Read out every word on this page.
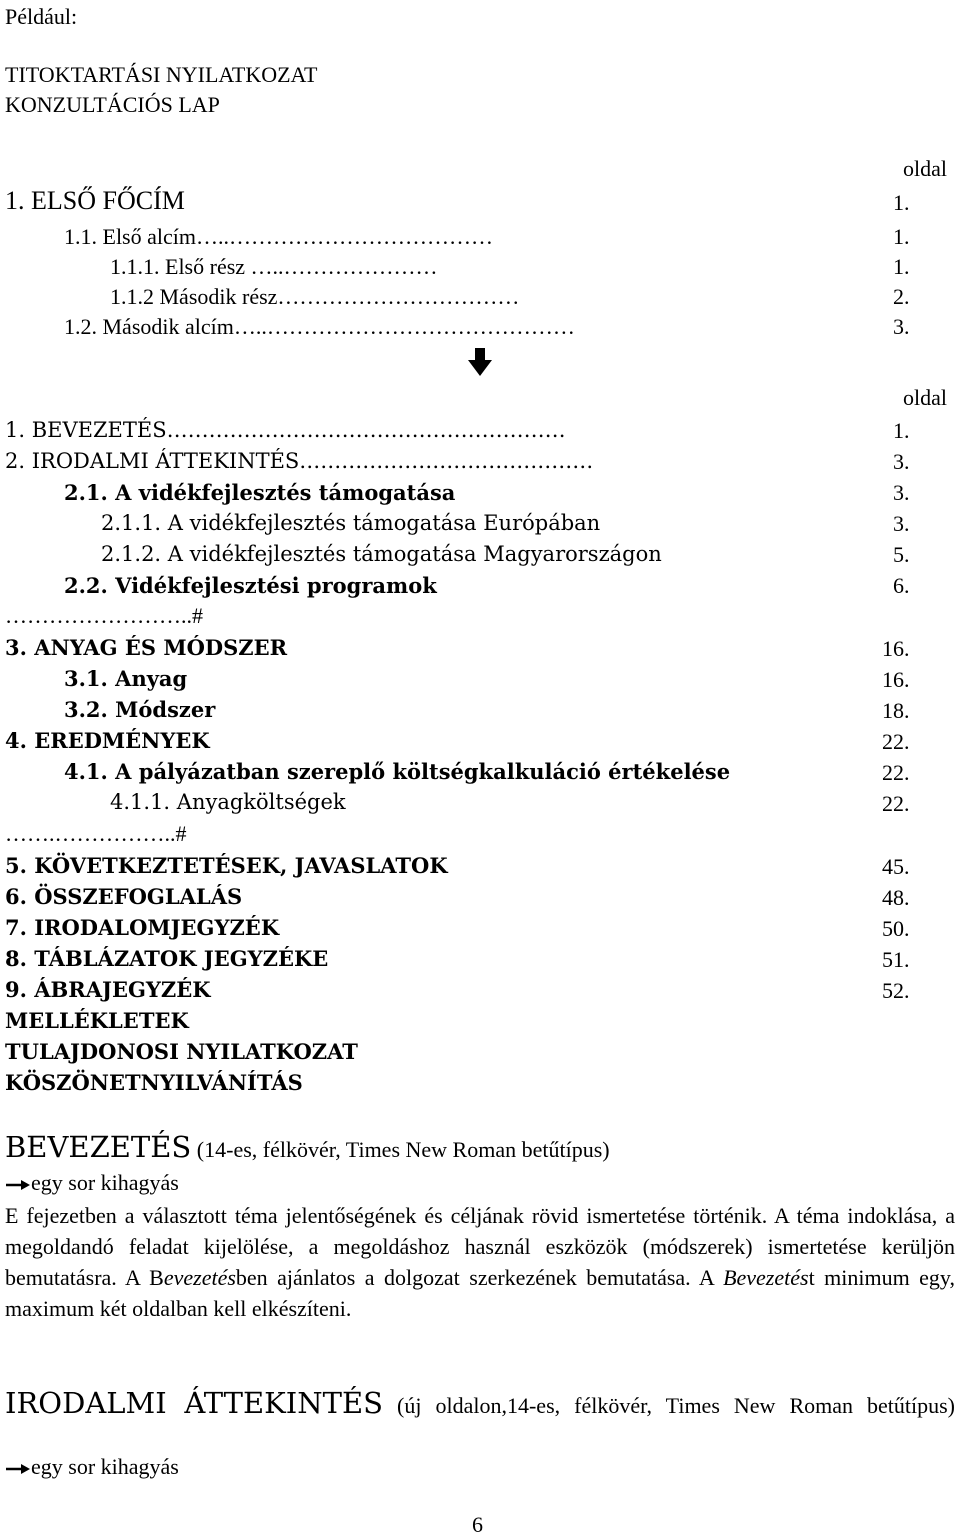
Például:
TITOKTARTÁSI NYILATKOZAT
KONZULTÁCIÓS LAP
oldal
1. ELSŐ FŐCÍM	1.
1.1. Első alcím…..………………………………	1.
1.1.1. Első rész …..…………………	1.
1.1.2 Második rész……………………………	2.
1.2. Második alcím…..……………………………………	3.
oldal
1. BEVEZETÉS…………………………………………………	1.
2. IRODALMI ÁTTEKINTÉS……………………………………	3.
2.1. A vidékfejlesztés támogatása	3.
2.1.1. A vidékfejlesztés támogatása Európában	3.
2.1.2. A vidékfejlesztés támogatása Magyarországon	5.
2.2. Vidékfejlesztési programok	6.
……………………..#
3. ANYAG ÉS MÓDSZER	16.
3.1. Anyag	16.
3.2. Módszer	18.
4. EREDMÉNYEK	22.
4.1. A pályázatban szereplő költségkalkuláció értékelése	22.
4.1.1. Anyagköltségek	22.
…….……………..#
5. KÖVETKEZTETÉSEK, JAVASLATOK	45.
6. ÖSSZEFOGLALÁS	48.
7. IRODALOMJEGYZÉK	50.
8. TÁBLÁZATOK JEGYZÉKE	51.
9. ÁBRAJEGYZÉK	52.
MELLÉKLETEK
TULAJDONOSI NYILATKOZAT
KÖSZÖNETNYILVÁNÍTÁS
BEVEZETÉS (14-es, félkövér, Times New Roman betűtípus)
egy sor kihagyás
E fejezetben a választott téma jelentőségének és céljának rövid ismertetése történik. A téma indoklása, a megoldandó feladat kijelölése, a megoldáshoz használ eszközök (módszerek) ismertetése kerüljön bemutatásra. A Bevezetésben ajánlatos a dolgozat szerkezének bemutatása. A Bevezetést minimum egy, maximum két oldalban kell elkészíteni.
IRODALMI ÁTTEKINTÉS (új oldalon,14-es, félkövér, Times New Roman betűtípus)
egy sor kihagyás
6
